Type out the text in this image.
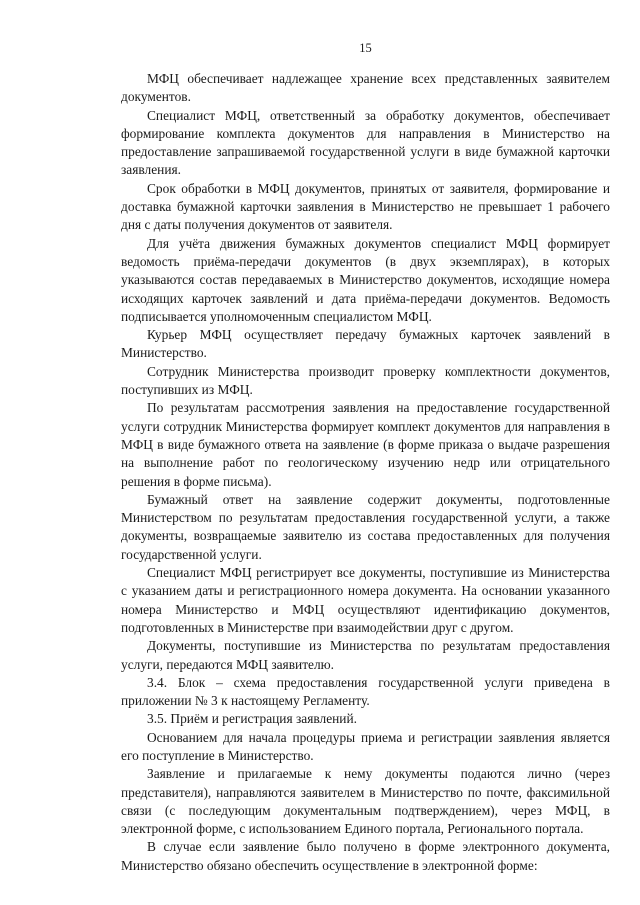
15

МФЦ обеспечивает надлежащее хранение всех представленных заявителем документов.

Специалист МФЦ, ответственный за обработку документов, обеспечивает формирование комплекта документов для направления в Министерство на предоставление запрашиваемой государственной услуги в виде бумажной карточки заявления.

Срок обработки в МФЦ документов, принятых от заявителя, формирование и доставка бумажной карточки заявления в Министерство не превышает 1 рабочего дня с даты получения документов от заявителя.

Для учёта движения бумажных документов специалист МФЦ формирует ведомость приёма-передачи документов (в двух экземплярах), в которых указываются состав передаваемых в Министерство документов, исходящие номера исходящих карточек заявлений и дата приёма-передачи документов. Ведомость подписывается уполномоченным специалистом МФЦ.

Курьер МФЦ осуществляет передачу бумажных карточек заявлений в Министерство.

Сотрудник Министерства производит проверку комплектности документов, поступивших из МФЦ.

По результатам рассмотрения заявления на предоставление государственной услуги сотрудник Министерства формирует комплект документов для направления в МФЦ в виде бумажного ответа на заявление (в форме приказа о выдаче разрешения на выполнение работ по геологическому изучению недр или отрицательного решения в форме письма).

Бумажный ответ на заявление содержит документы, подготовленные Министерством по результатам предоставления государственной услуги, а также документы, возвращаемые заявителю из состава предоставленных для получения государственной услуги.

Специалист МФЦ регистрирует все документы, поступившие из Министерства с указанием даты и регистрационного номера документа. На основании указанного номера Министерство и МФЦ осуществляют идентификацию документов, подготовленных в Министерстве при взаимодействии друг с другом.

Документы, поступившие из Министерства по результатам предоставления услуги, передаются МФЦ заявителю.

3.4. Блок – схема предоставления государственной услуги приведена в приложении № 3 к настоящему Регламенту.

3.5. Приём и регистрация заявлений.

Основанием для начала процедуры приема и регистрации заявления является его поступление в Министерство.

Заявление и прилагаемые к нему документы подаются лично (через представителя), направляются заявителем в Министерство по почте, факсимильной связи (с последующим документальным подтверждением), через МФЦ, в электронной форме, с использованием Единого портала, Регионального портала.

В случае если заявление было получено в форме электронного документа, Министерство обязано обеспечить осуществление в электронной форме:
